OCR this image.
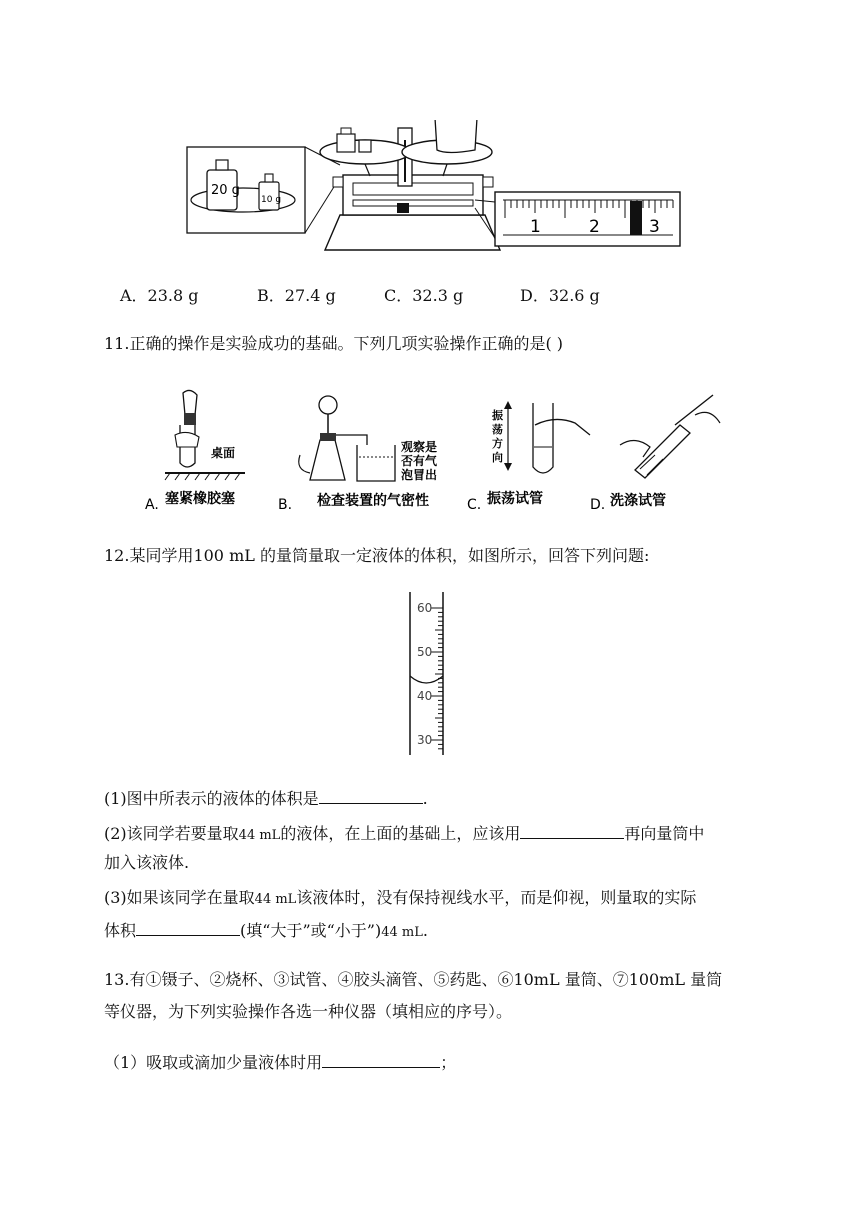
20 g
10 g
1	2	3
A．23.8 g	B．27.4 g	C．32.3 g	D．32.6 g
11.正确的操作是实验成功的基础。下列几项实验操作正确的是( )
桌面	观察是
否有气
泡冒出
振
荡
方
向
A. 塞紧橡胶塞	B. 检查装置的气密性	C. 振荡试管	D. 洗涤试管
12.某同学用100 mL 的量筒量取一定液体的体积，如图所示，回答下列问题:
60
50
40
30
(1)图中所表示的液体的体积是	.
(2)该同学若要量取44 mL的液体，在上面的基础上，应该用	再向量筒中
加入该液体.
(3)如果该同学在量取44 mL该液体时，没有保持视线水平，而是仰视，则量取的实际
体积	(填“大于”或“小于”)44 mL.
13.有①镊子、②烧杯、③试管、④胶头滴管、⑤药匙、⑥10mL 量筒、⑦100mL 量筒
等仪器，为下列实验操作各选一种仪器（填相应的序号）。
（1）吸取或滴加少量液体时用	；
